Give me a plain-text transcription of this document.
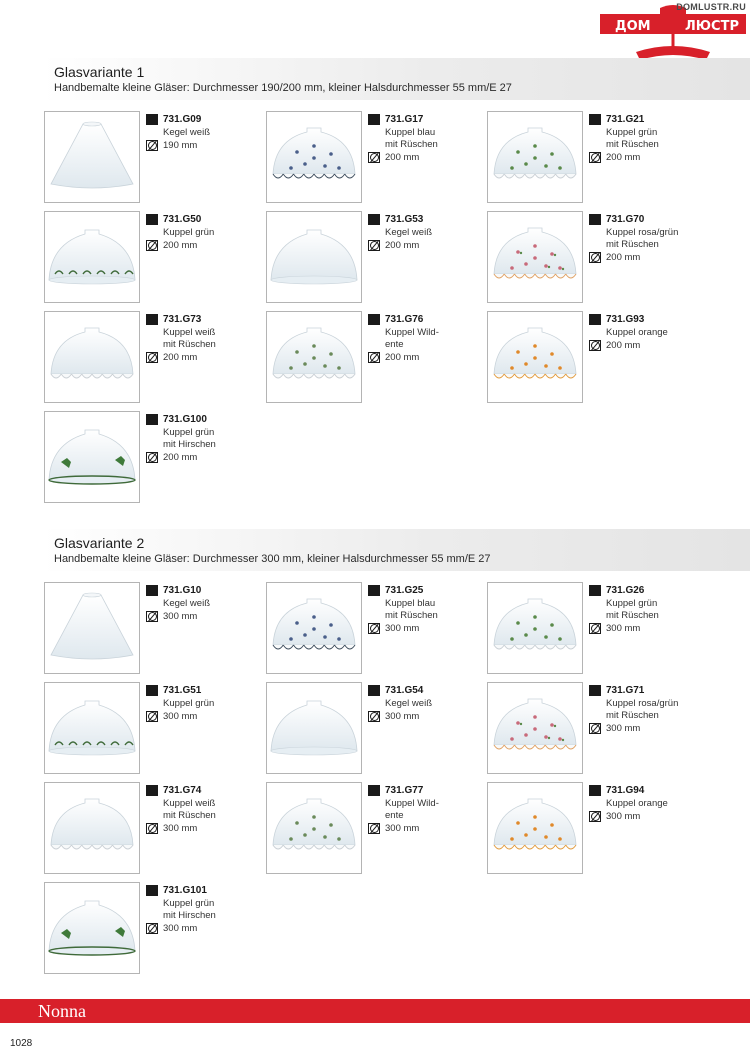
DOMLUSTR.RU
ДОМ	ЛЮСТР
Glasvariante 1
Handbemalte kleine Gläser: Durchmesser 190/200 mm, kleiner Halsdurchmesser 55 mm/E 27
Glasvariante 2
Handbemalte kleine Gläser: Durchmesser 300 mm, kleiner Halsdurchmesser 55 mm/E 27
731.G09
Kegel weiß
190 mm
731.G17
Kuppel blau
mit Rüschen
200 mm
731.G21
Kuppel grün
mit Rüschen
200 mm
731.G50
Kuppel grün
200 mm
731.G53
Kegel weiß
200 mm
731.G70
Kuppel rosa/grün
mit Rüschen
200 mm
731.G73
Kuppel weiß
mit Rüschen
200 mm
731.G76
Kuppel Wild-
ente
200 mm
731.G93
Kuppel orange
200 mm
731.G100
Kuppel grün
mit Hirschen
200 mm
731.G10
Kegel weiß
300 mm
731.G25
Kuppel blau
mit Rüschen
300 mm
731.G26
Kuppel grün
mit Rüschen
300 mm
731.G51
Kuppel grün
300 mm
731.G54
Kegel weiß
300 mm
731.G71
Kuppel rosa/grün
mit Rüschen
300 mm
731.G74
Kuppel weiß
mit Rüschen
300 mm
731.G77
Kuppel Wild-
ente
300 mm
731.G94
Kuppel orange
300 mm
731.G101
Kuppel grün
mit Hirschen
300 mm
Nonna
1028
